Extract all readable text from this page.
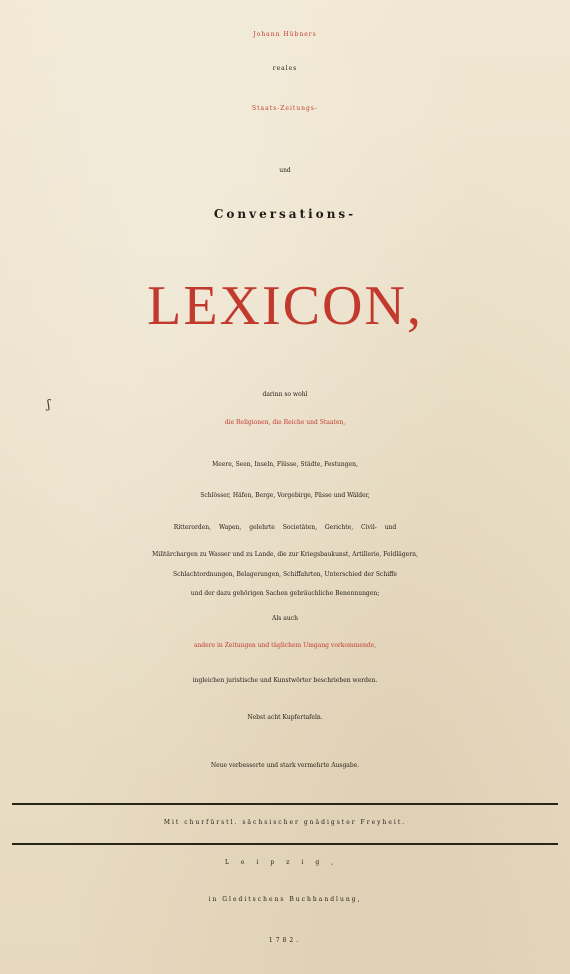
Johann Hübners
reales
Staats-Zeitungs-
und
Conversations-
LEXICON,
ʃ
darinn so wohl
die Religionen, die Reiche und Staaten,
Meere, Seen, Inseln, Flüsse, Städte, Festungen,
Schlösser, Häfen, Berge, Vorgebirge, Pässe und Wälder,
Ritterorden, Wapen, gelehrte Societäten, Gerichte, Civil- und
Militärchargen zu Wasser und zu Lande, die zur Kriegsbaukunst, Artillerie, Feldlägern,
Schlachtordnungen, Belagerungen, Schiffahrten, Unterschied der Schiffe
und der dazu gehörigen Sachen gebräuchliche Benennungen;
Als auch
andere in Zeitungen und täglichem Umgang vorkommende,
ingleichen juristische und Kunstwörter beschrieben werden.
Nebst acht Kupfertafeln.
Neue verbesserte und stark vermehrte Ausgabe.
Mit churfürstl. sächsischer gnädigster Freyheit.
Leipzig,
in Gleditschens Buchhandlung,
1782.
